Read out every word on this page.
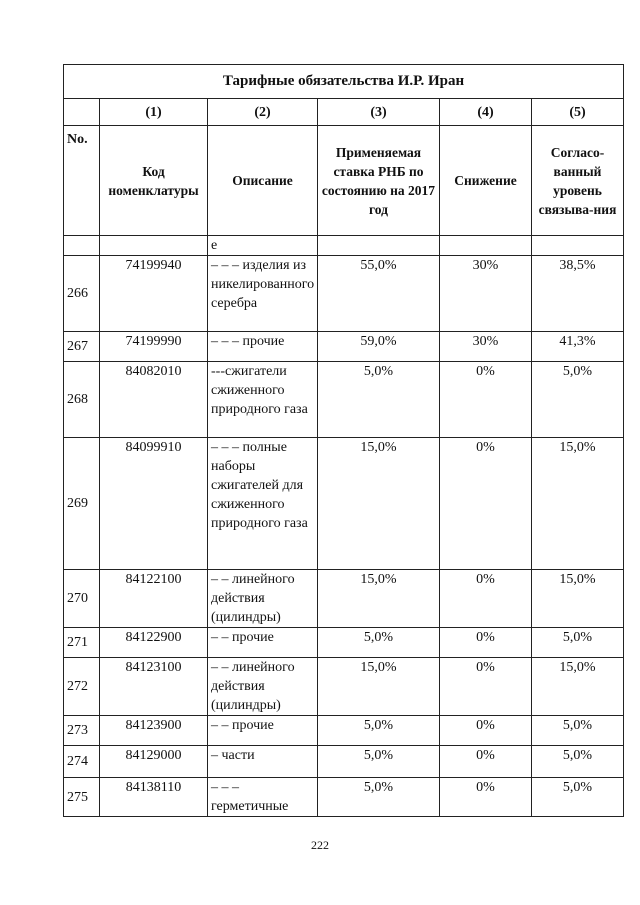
Тарифные обязательства И.Р. Иран					
	(1)	(2)	(3)	(4)	(5)
No.	Код номенклатуры	Описание	Применяемая ставка РНБ по состоянию на 2017 год	Снижение	Согласо-ванный уровень связыва-ния
		е			
266	74199940	– – – изделия из никелированного серебра	55,0%	30%	38,5%
267	74199990	– – – прочие	59,0%	30%	41,3%
268	84082010	---сжигатели сжиженного природного газа	5,0%	0%	5,0%
269	84099910	– – – полные наборы сжигателей для сжиженного природного газа	15,0%	0%	15,0%
270	84122100	– – линейного действия (цилиндры)	15,0%	0%	15,0%
271	84122900	– – прочие	5,0%	0%	5,0%
272	84123100	– – линейного действия (цилиндры)	15,0%	0%	15,0%
273	84123900	– – прочие	5,0%	0%	5,0%
274	84129000	– части	5,0%	0%	5,0%
275	84138110	– – – герметичные	5,0%	0%	5,0%
222
